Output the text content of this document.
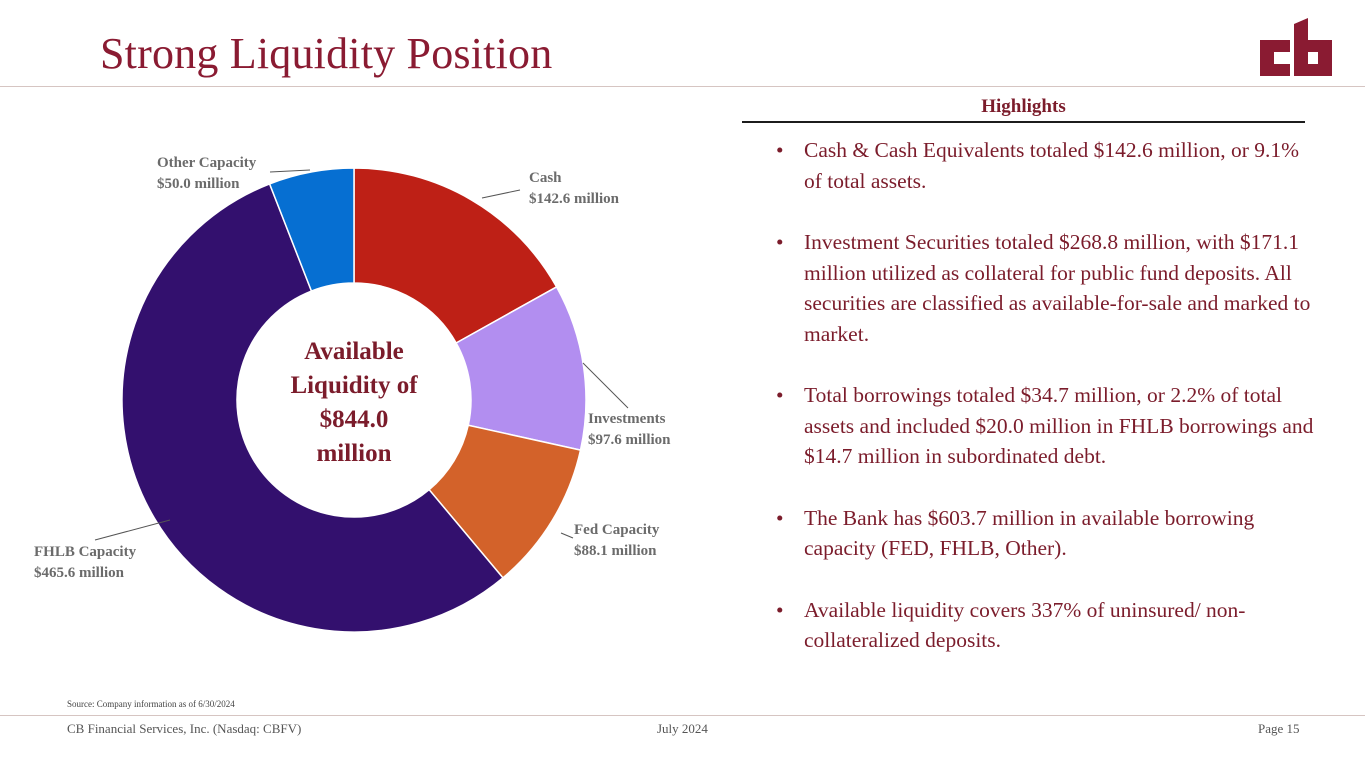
Strong Liquidity Position
Cash
$142.6 million
Investments
$97.6 million
Fed Capacity
$88.1 million
FHLB Capacity
$465.6 million
Other Capacity
$50.0 million
Available
Liquidity of
$844.0
million
Highlights
• Cash & Cash Equivalents totaled $142.6 million, or 9.1% of total assets.
• Investment Securities totaled $268.8 million, with $171.1 million utilized as collateral for public fund deposits. All securities are classified as available-for-sale and marked to market.
• Total borrowings totaled $34.7 million, or 2.2% of total assets and included $20.0 million in FHLB borrowings and $14.7 million in subordinated debt.
• The Bank has $603.7 million in available borrowing capacity (FED, FHLB, Other).
• Available liquidity covers 337% of uninsured/ non-collateralized deposits.
Source: Company information as of 6/30/2024
CB Financial Services, Inc. (Nasdaq: CBFV)	July 2024	Page 15
